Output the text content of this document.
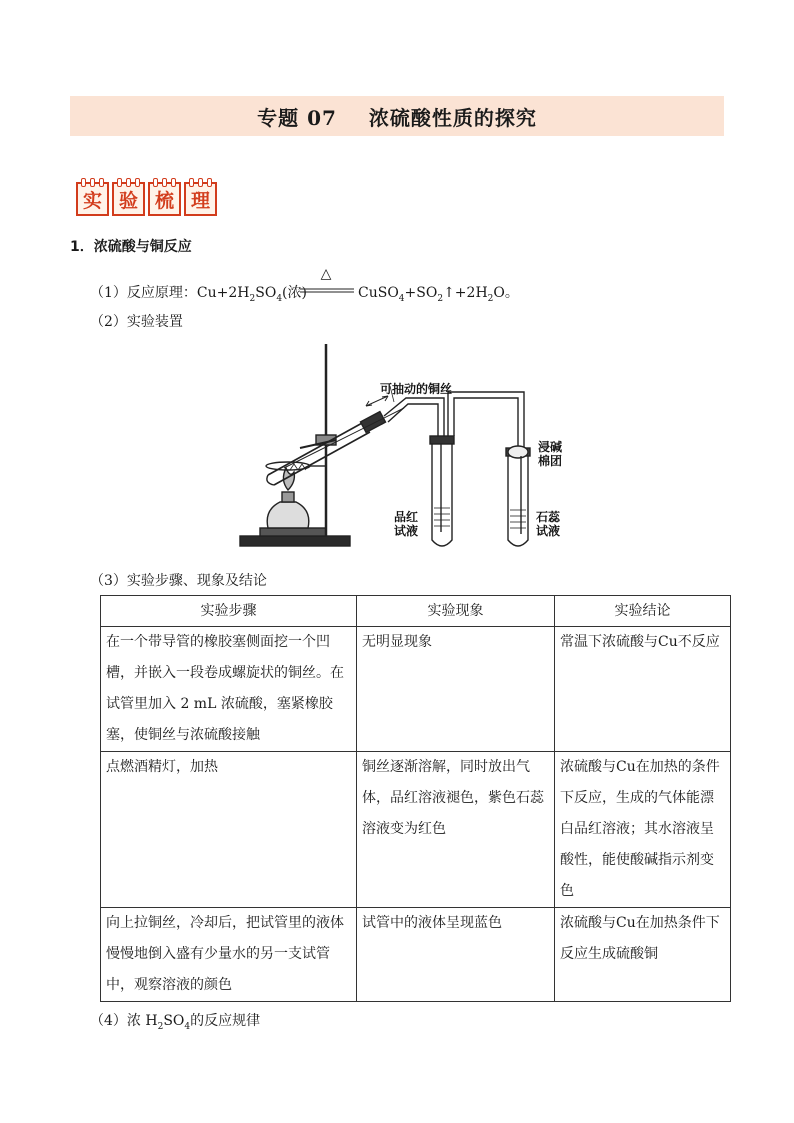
专题 07    浓硫酸性质的探究
实 验 梳 理
1．浓硫酸与铜反应
（1）反应原理：$Cu+2H_2SO_4$(浓)
△
$CuSO_4+SO_2↑+2H_2O$。
（2）实验装置
可抽动的铜丝
浸碱
棉团
品红
试液
石蕊
试液
（3）实验步骤、现象及结论
实验步骤	实验现象	实验结论
在一个带导管的橡胶塞侧面挖一个凹槽，并嵌入一段卷成螺旋状的铜丝。在试管里加入 2 mL 浓硫酸，塞紧橡胶塞，使铜丝与浓硫酸接触	无明显现象	常温下浓硫酸与Cu不反应
点燃酒精灯，加热	铜丝逐渐溶解，同时放出气体，品红溶液褪色，紫色石蕊溶液变为红色	浓硫酸与Cu在加热的条件下反应，生成的气体能漂白品红溶液；其水溶液呈酸性，能使酸碱指示剂变色
向上拉铜丝，冷却后，把试管里的液体慢慢地倒入盛有少量水的另一支试管中，观察溶液的颜色	试管中的液体呈现蓝色	浓硫酸与Cu在加热条件下反应生成硫酸铜
（4）浓 $H_2SO_4$的反应规律
